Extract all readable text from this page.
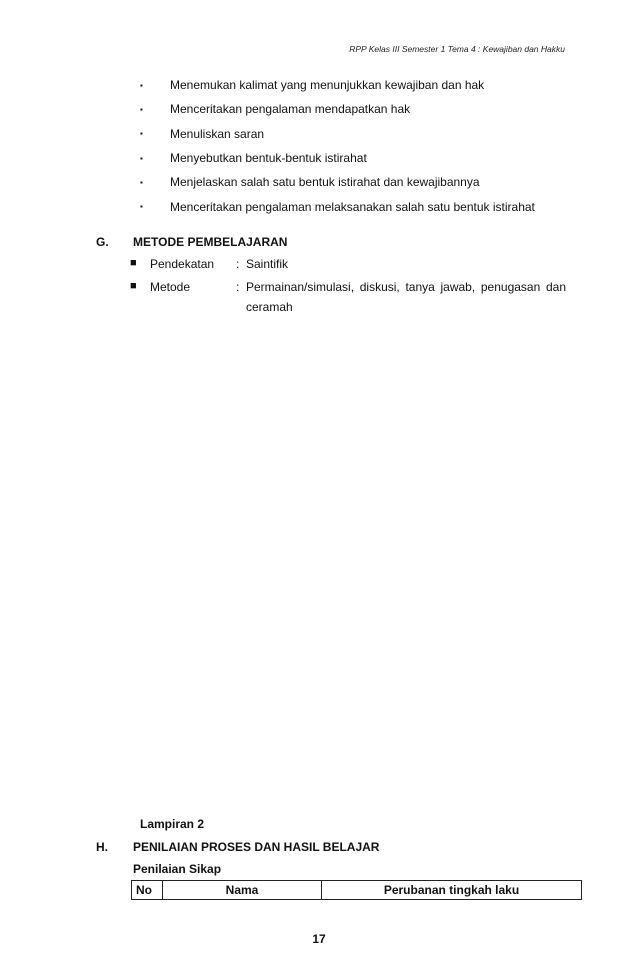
RPP Kelas III Semester 1 Tema 4 : Kewajiban dan Hakku
▪	Menemukan kalimat yang menunjukkan kewajiban dan hak
▪	Menceritakan pengalaman mendapatkan hak
▪	Menuliskan saran
▪	Menyebutkan bentuk-bentuk istirahat
▪	Menjelaskan salah satu bentuk istirahat dan kewajibannya
▪	Menceritakan pengalaman melaksanakan salah satu bentuk istirahat
G. METODE PEMBELAJARAN
■	Pendekatan	: Saintifik
■	Metode	: Permainan/simulasi, diskusi, tanya jawab, penugasan dan ceramah
Lampiran 2
H. PENILAIAN PROSES DAN HASIL BELAJAR
Penilaian Sikap
No	Nama	Perubanan tingkah laku
17
